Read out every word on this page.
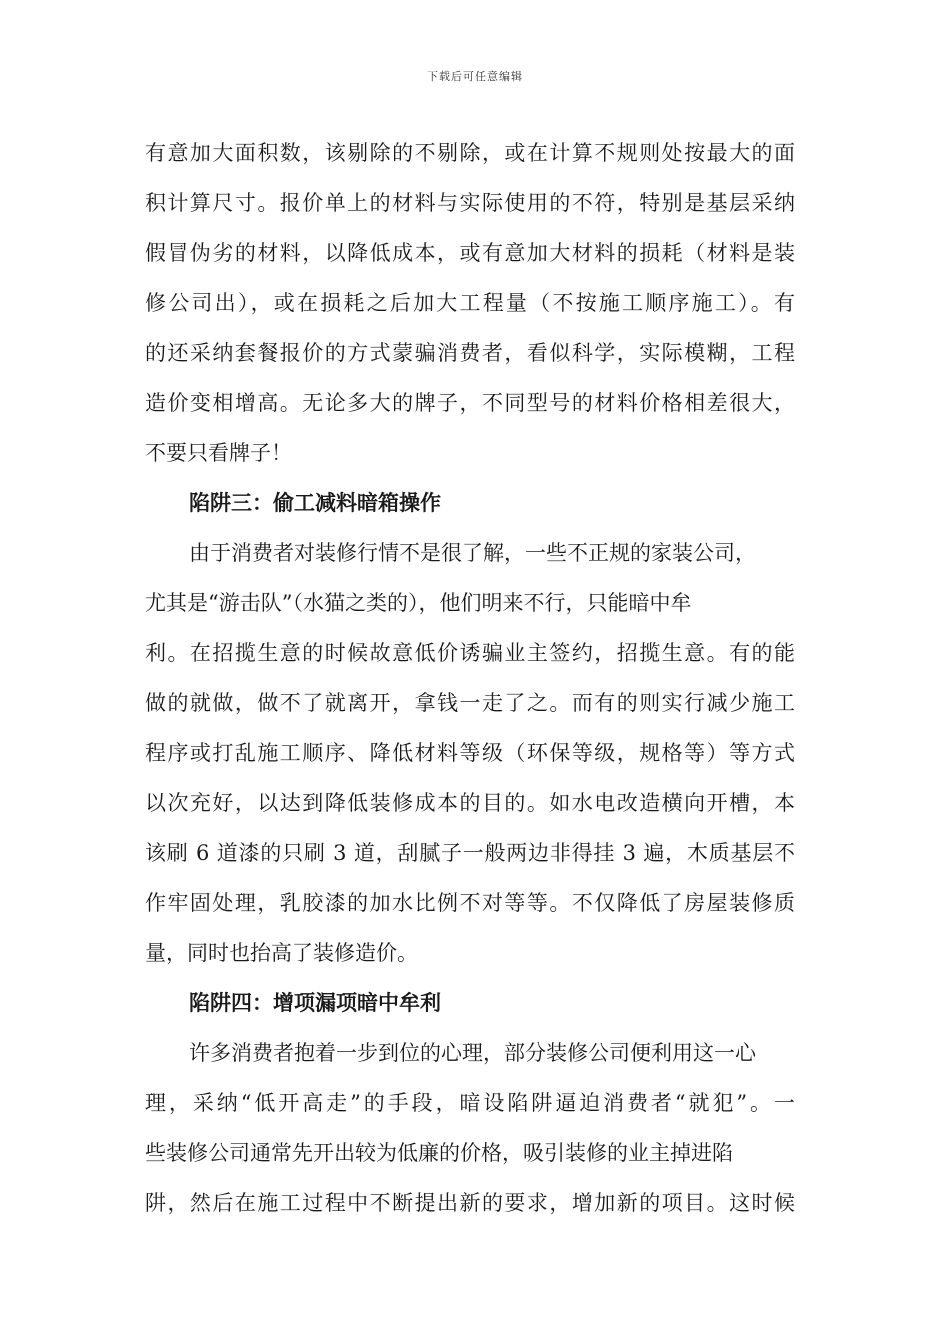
下载后可任意编辑
有意加大面积数，该剔除的不剔除，或在计算不规则处按最大的面
积计算尺寸。报价单上的材料与实际使用的不符，特别是基层采纳
假冒伪劣的材料，以降低成本，或有意加大材料的损耗（材料是装
修公司出），或在损耗之后加大工程量（不按施工顺序施工）。有
的还采纳套餐报价的方式蒙骗消费者，看似科学，实际模糊，工程
造价变相增高。无论多大的牌子，不同型号的材料价格相差很大，
不要只看牌子！
陷阱三：偷工减料暗箱操作
由于消费者对装修行情不是很了解，一些不正规的家装公司，
尤其是“游击队”（水猫之类的），他们明来不行，只能暗中牟
利。在招揽生意的时候故意低价诱骗业主签约，招揽生意。有的能
做的就做，做不了就离开，拿钱一走了之。而有的则实行减少施工
程序或打乱施工顺序、降低材料等级（环保等级，规格等）等方式
以次充好，以达到降低装修成本的目的。如水电改造横向开槽，本
该刷 6 道漆的只刷 3 道，刮腻子一般两边非得挂 3 遍，木质基层不
作牢固处理，乳胶漆的加水比例不对等等。不仅降低了房屋装修质
量，同时也抬高了装修造价。
陷阱四：增项漏项暗中牟利
许多消费者抱着一步到位的心理，部分装修公司便利用这一心
理，采纳“低开高走”的手段，暗设陷阱逼迫消费者“就犯”。一
些装修公司通常先开出较为低廉的价格，吸引装修的业主掉进陷
阱，然后在施工过程中不断提出新的要求，增加新的项目。这时候
